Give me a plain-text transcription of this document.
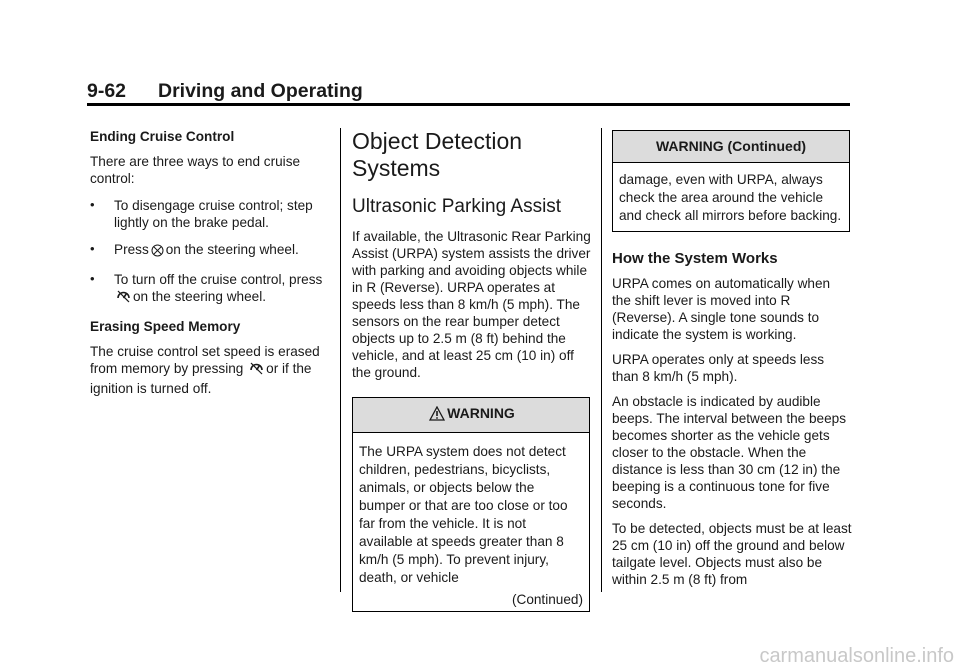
9-62 Driving and Operating

Ending Cruise Control

There are three ways to end cruise control:

• To disengage cruise control; step lightly on the brake pedal.
• Press on the steering wheel.
• To turn off the cruise control, presson the steering wheel.

Erasing Speed Memory

The cruise control set speed is erased from memory by pressing or if the ignition is turned off.

Object Detection Systems
Ultrasonic Parking Assist

If available, the Ultrasonic Rear Parking Assist (URPA) system assists the driver with parking and avoiding objects while in R (Reverse). URPA operates at speeds less than 8 km/h (5 mph). The sensors on the rear bumper detect objects up to 2.5 m (8 ft) behind the vehicle, and at least 25 cm (10 in) off the ground.

WARNING
The URPA system does not detect children, pedestrians, bicyclists, animals, or objects below the bumper or that are too close or too far from the vehicle. It is not available at speeds greater than 8 km/h (5 mph). To prevent injury, death, or vehicle
(Continued)
WARNING (Continued)
damage, even with URPA, always check the area around the vehicle and check all mirrors before backing.
How the System Works

URPA comes on automatically when the shift lever is moved into R (Reverse). A single tone sounds to indicate the system is working.

URPA operates only at speeds less than 8 km/h (5 mph).

An obstacle is indicated by audible beeps. The interval between the beeps becomes shorter as the vehicle gets closer to the obstacle. When the distance is less than 30 cm (12 in) the beeping is a continuous tone for five seconds.

To be detected, objects must be at least 25 cm (10 in) off the ground and below tailgate level. Objects must also be within 2.5 m (8 ft) from

carmanualsonline.info
